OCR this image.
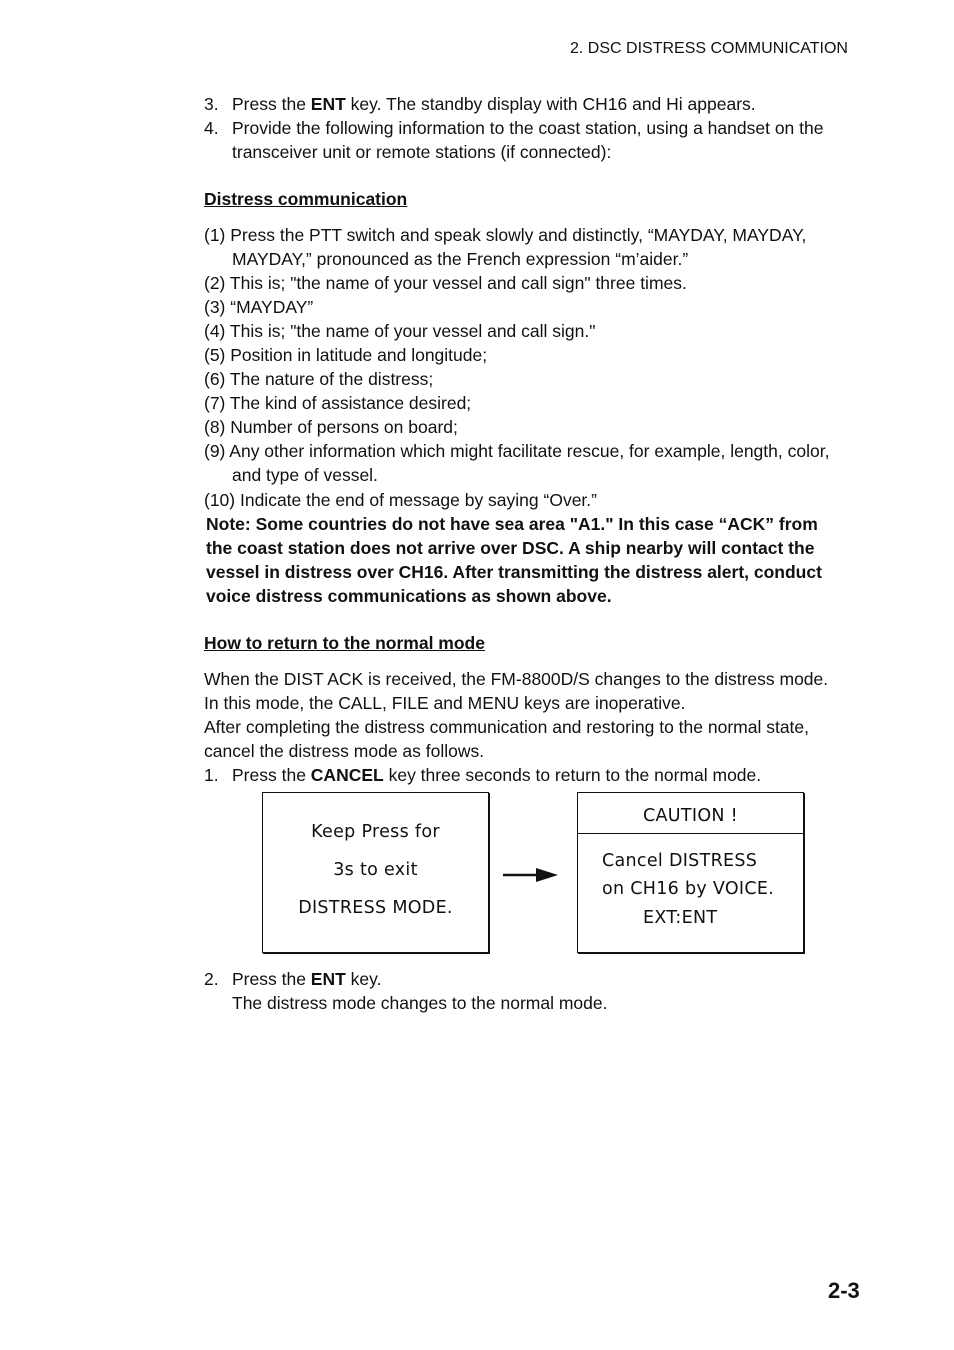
2. DSC DISTRESS COMMUNICATION
3. Press the ENT key. The standby display with CH16 and Hi appears.
4. Provide the following information to the coast station, using a handset on the
transceiver unit or remote stations (if connected):
Distress communication
(1) Press the PTT switch and speak slowly and distinctly, “MAYDAY, MAYDAY,
MAYDAY,” pronounced as the French expression “m’aider.”
(2) This is; "the name of your vessel and call sign" three times.
(3) “MAYDAY”
(4) This is; "the name of your vessel and call sign."
(5) Position in latitude and longitude;
(6) The nature of the distress;
(7) The kind of assistance desired;
(8) Number of persons on board;
(9) Any other information which might facilitate rescue, for example, length, color,
and type of vessel.
(10) Indicate the end of message by saying “Over.”
Note: Some countries do not have sea area "A1." In this case “ACK” from
the coast station does not arrive over DSC. A ship nearby will contact the
vessel in distress over CH16. After transmitting the distress alert, conduct
voice distress communications as shown above.
How to return to the normal mode
When the DIST ACK is received, the FM-8800D/S changes to the distress mode.
In this mode, the CALL, FILE and MENU keys are inoperative.
After completing the distress communication and restoring to the normal state,
cancel the distress mode as follows.
1. Press the CANCEL key three seconds to return to the normal mode.
Keep Press for
3s to exit
DISTRESS MODE.
CAUTION !
Cancel DISTRESS
on CH16 by VOICE.
EXT:ENT
2. Press the ENT key.
The distress mode changes to the normal mode.
2-3
